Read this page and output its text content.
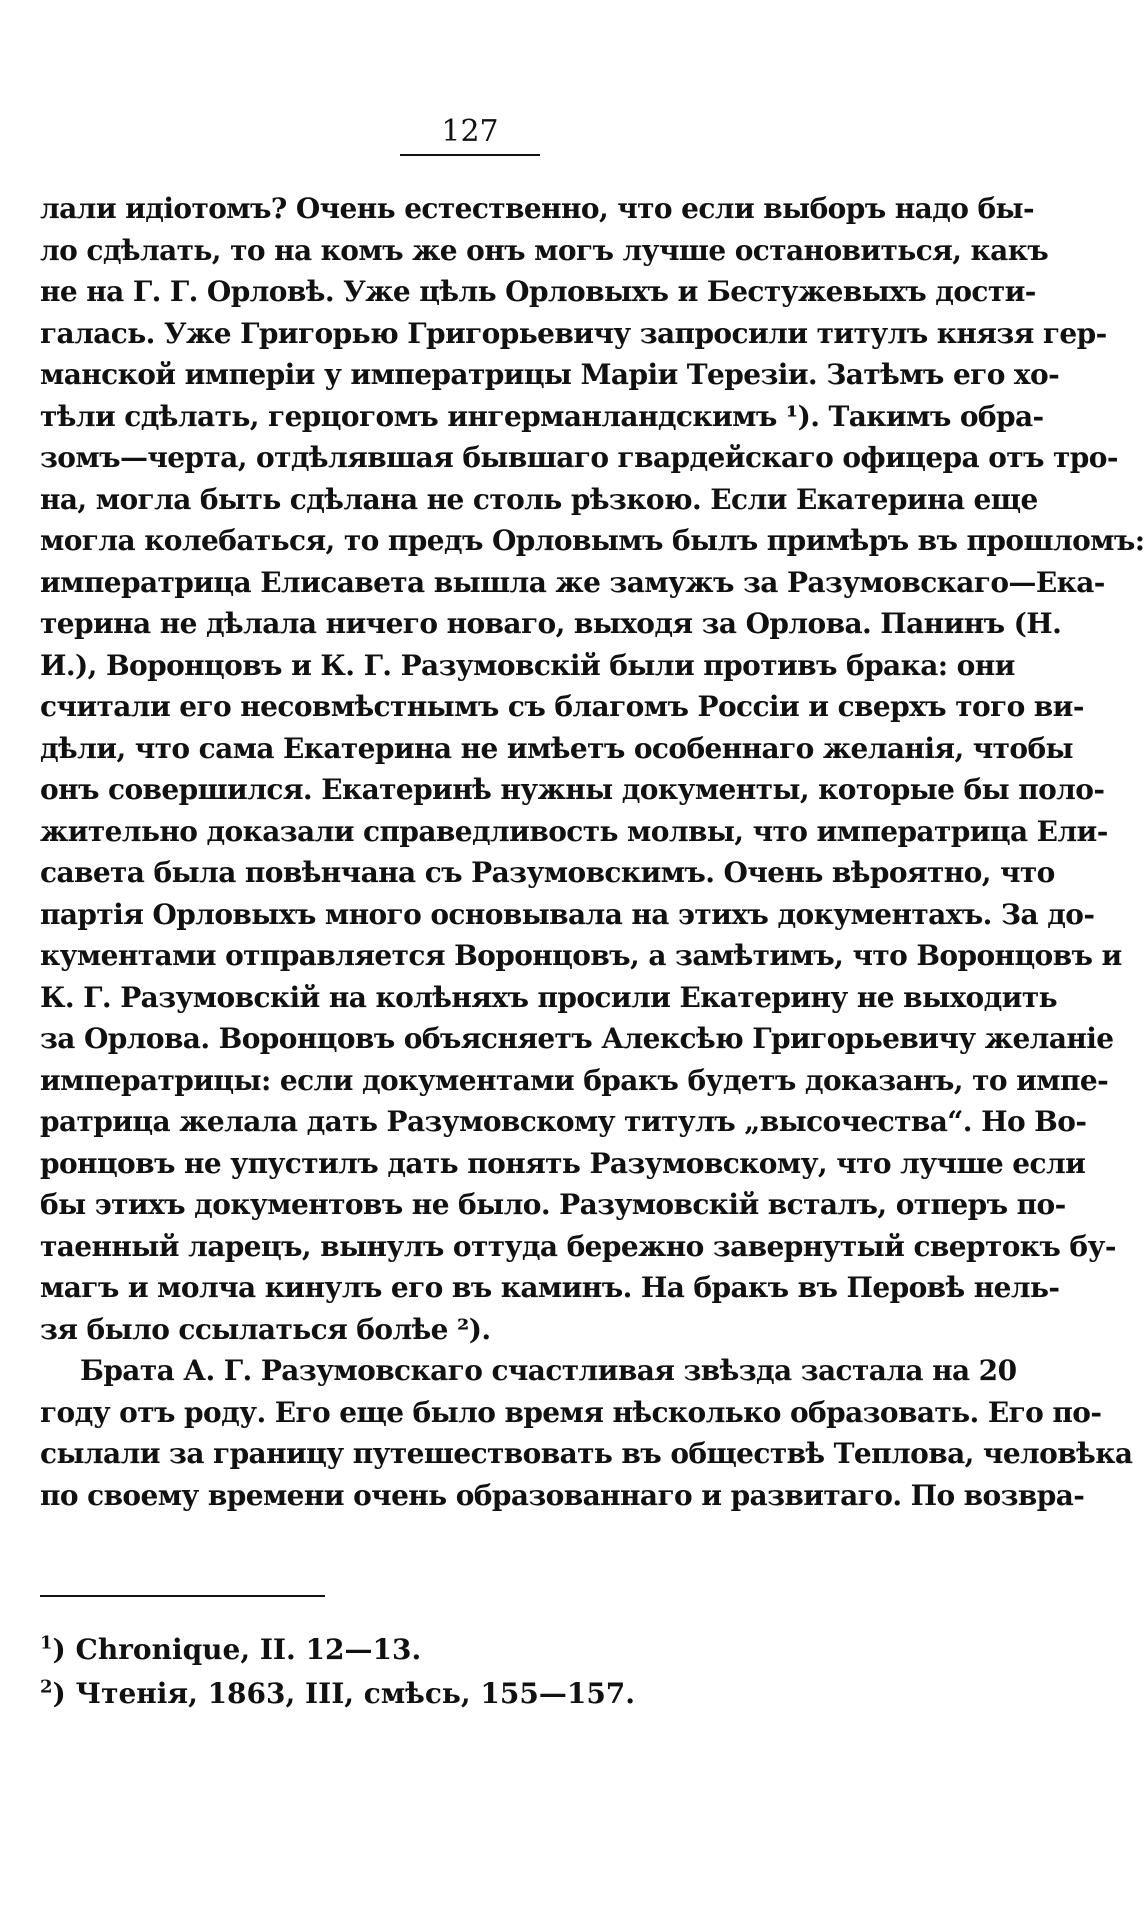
127
лали идіотомъ? Очень естественно, что если выборъ надо бы-
ло сдѣлать, то на комъ же онъ могъ лучше остановиться, какъ
не на Г. Г. Орловѣ. Уже цѣль Орловыхъ и Бестужевыхъ дости-
галась. Уже Григорью Григорьевичу запросили титулъ князя гер-
манской имперіи у императрицы Маріи Терезіи. Затѣмъ его хо-
тѣли сдѣлать, герцогомъ ингерманландскимъ ¹). Такимъ обра-
зомъ—черта, отдѣлявшая бывшаго гвардейскаго офицера отъ тро-
на, могла быть сдѣлана не столь рѣзкою. Если Екатерина еще
могла колебаться, то предъ Орловымъ былъ примѣръ въ прошломъ:
императрица Елисавета вышла же замужъ за Разумовскаго—Ека-
терина не дѣлала ничего новаго, выходя за Орлова. Панинъ (Н.
И.), Воронцовъ и К. Г. Разумовскій были противъ брака: они
считали его несовмѣстнымъ съ благомъ Россіи и сверхъ того ви-
дѣли, что сама Екатерина не имѣетъ особеннаго желанія, чтобы
онъ совершился. Екатеринѣ нужны документы, которые бы поло-
жительно доказали справедливость молвы, что императрица Ели-
савета была повѣнчана съ Разумовскимъ. Очень вѣроятно, что
партія Орловыхъ много основывала на этихъ документахъ. За до-
кументами отправляется Воронцовъ, а замѣтимъ, что Воронцовъ и
К. Г. Разумовскій на колѣняхъ просили Екатерину не выходить
за Орлова. Воронцовъ объясняетъ Алексѣю Григорьевичу желаніе
императрицы: если документами бракъ будетъ доказанъ, то импе-
ратрица желала дать Разумовскому титулъ „высочества“. Но Во-
ронцовъ не упустилъ дать понять Разумовскому, что лучше если
бы этихъ документовъ не было. Разумовскій всталъ, отперъ по-
таенный ларецъ, вынулъ оттуда бережно завернутый свертокъ бу-
магъ и молча кинулъ его въ каминъ. На бракъ въ Перовѣ нель-
зя было ссылаться болѣе ²).
Брата А. Г. Разумовскаго счастливая звѣзда застала на 20
году отъ роду. Его еще было время нѣсколько образовать. Его по-
сылали за границу путешествовать въ обществѣ Теплова, человѣка
по своему времени очень образованнаго и развитаго. По возвра-
$^1$) Chronique, II. 12—13.
$^2$) Чтенія, 1863, III, смѣсь, 155—157.
